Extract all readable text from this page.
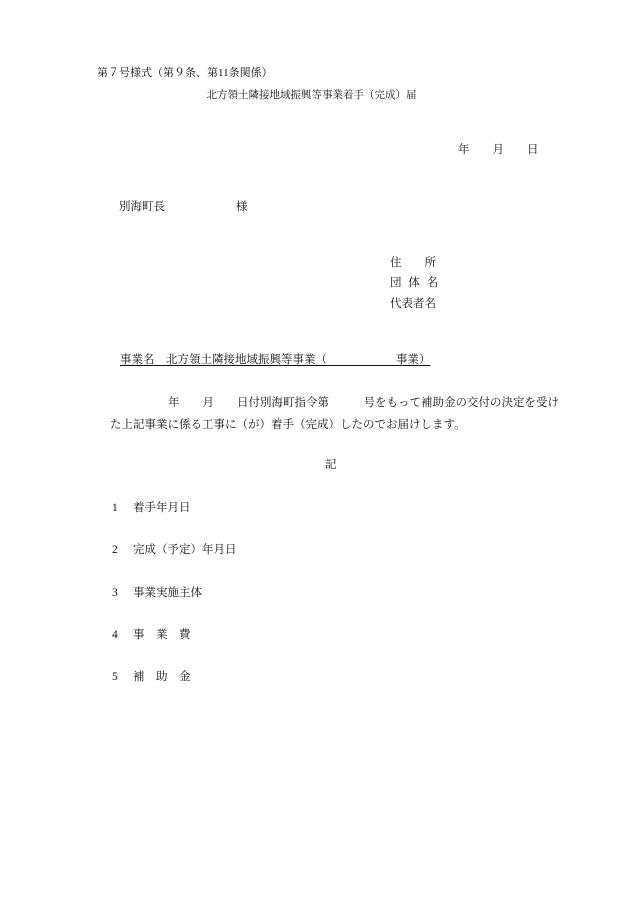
第７号様式（第９条、第11条関係）
北方領土隣接地域振興等事業着手（完成）届
年　　月　　日
別海町長	様
住　　所
団 体 名
代表者名
事業名　北方領土隣接地域振興等事業（　　　　　　事業）
年　　月　　日付別海町指令第　　　号をもって補助金の交付の決定を受け
た上記事業に係る工事に（が）着手（完成）したのでお届けします。
記
1 着手年月日
2 完成（予定）年月日
3 事業実施主体
4 事　業　費
5 補　助　金
